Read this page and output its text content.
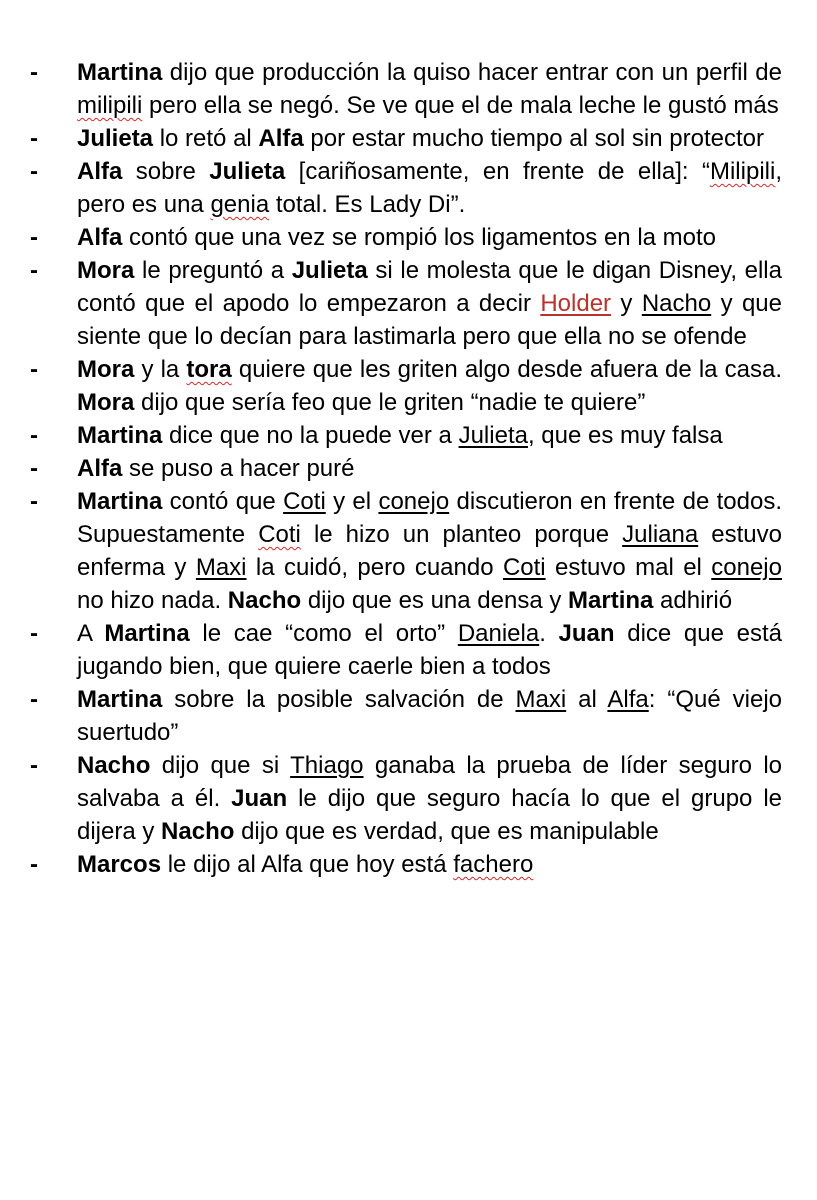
- Martina dijo que producción la quiso hacer entrar con un perfil de milipili pero ella se negó. Se ve que el de mala leche le gustó más
- Julieta lo retó al Alfa por estar mucho tiempo al sol sin protector
- Alfa sobre Julieta [cariñosamente, en frente de ella]: “Milipili, pero es una genia total. Es Lady Di”.
- Alfa contó que una vez se rompió los ligamentos en la moto
- Mora le preguntó a Julieta si le molesta que le digan Disney, ella contó que el apodo lo empezaron a decir Holder y Nacho y que siente que lo decían para lastimarla pero que ella no se ofende
- Mora y la tora quiere que les griten algo desde afuera de la casa. Mora dijo que sería feo que le griten “nadie te quiere”
- Martina dice que no la puede ver a Julieta, que es muy falsa
- Alfa se puso a hacer puré
- Martina contó que Coti y el conejo discutieron en frente de todos. Supuestamente Coti le hizo un planteo porque Juliana estuvo enferma y Maxi la cuidó, pero cuando Coti estuvo mal el conejo no hizo nada. Nacho dijo que es una densa y Martina adhirió
- A Martina le cae “como el orto” Daniela. Juan dice que está jugando bien, que quiere caerle bien a todos
- Martina sobre la posible salvación de Maxi al Alfa: “Qué viejo suertudo”
- Nacho dijo que si Thiago ganaba la prueba de líder seguro lo salvaba a él. Juan le dijo que seguro hacía lo que el grupo le dijera y Nacho dijo que es verdad, que es manipulable
- Marcos le dijo al Alfa que hoy está fachero
